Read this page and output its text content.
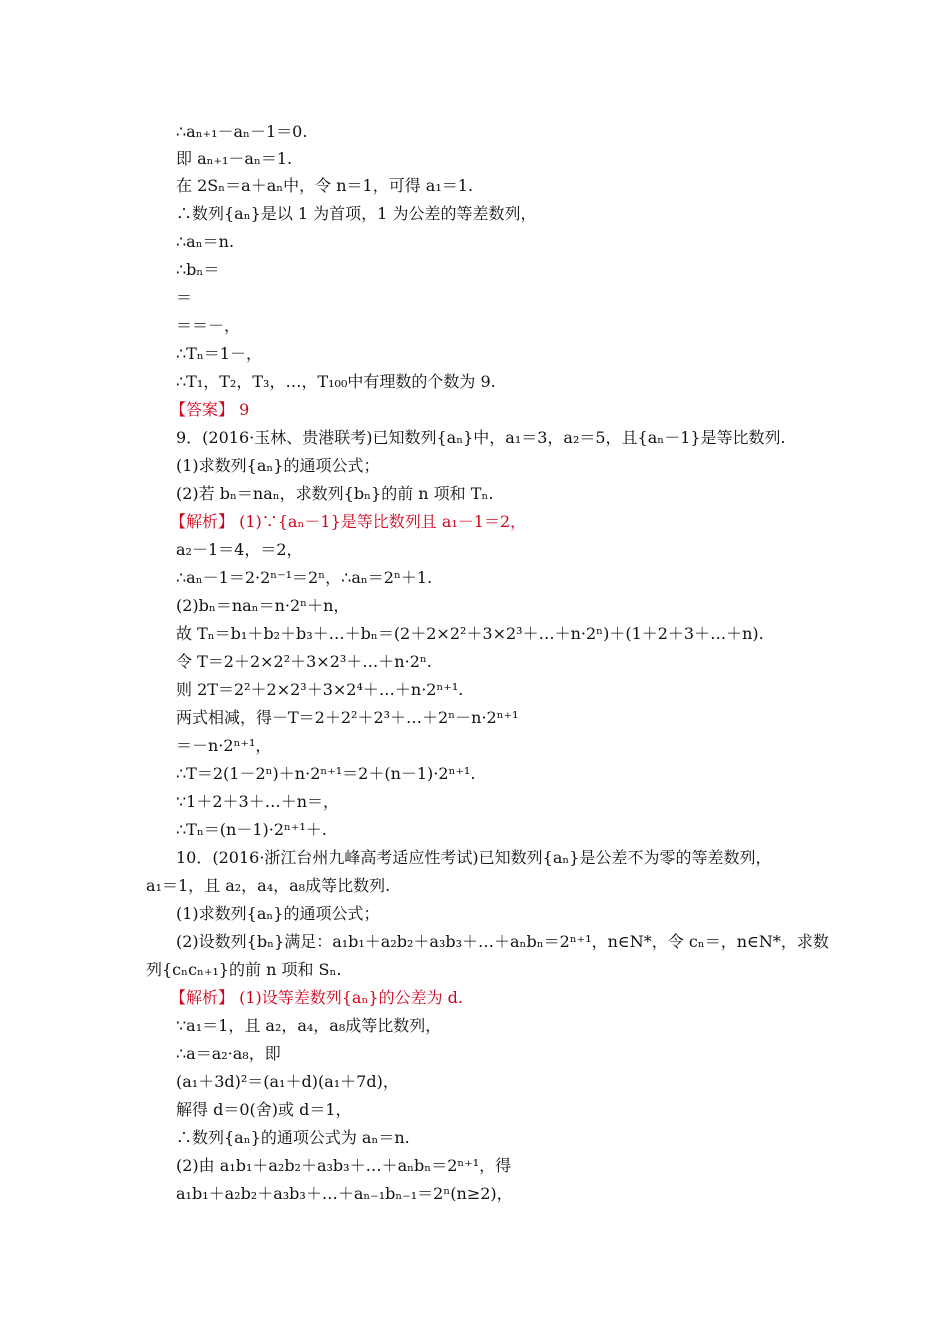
∴aₙ₊₁－aₙ－1＝0.
即 aₙ₊₁－aₙ＝1.
在 2Sₙ＝a＋aₙ中，令 n＝1，可得 a₁＝1.
∴数列{aₙ}是以 1 为首项，1 为公差的等差数列，
∴aₙ＝n.
∴bₙ＝
＝
＝＝－，
∴Tₙ＝1－，
∴T₁，T₂，T₃，…，T₁₀₀中有理数的个数为 9.
【答案】 9
9．(2016·玉林、贵港联考)已知数列{aₙ}中，a₁＝3，a₂＝5，且{aₙ－1}是等比数列.
(1)求数列{aₙ}的通项公式；
(2)若 bₙ＝naₙ，求数列{bₙ}的前 n 项和 Tₙ.
【解析】 (1)∵{aₙ－1}是等比数列且 a₁－1＝2，
a₂－1＝4，＝2，
∴aₙ－1＝2·2ⁿ⁻¹＝2ⁿ，∴aₙ＝2ⁿ＋1.
(2)bₙ＝naₙ＝n·2ⁿ＋n，
故 Tₙ＝b₁＋b₂＋b₃＋…＋bₙ＝(2＋2×2²＋3×2³＋…＋n·2ⁿ)＋(1＋2＋3＋…＋n).
令 T＝2＋2×2²＋3×2³＋…＋n·2ⁿ.
则 2T＝2²＋2×2³＋3×2⁴＋…＋n·2ⁿ⁺¹.
两式相减，得－T＝2＋2²＋2³＋…＋2ⁿ－n·2ⁿ⁺¹
＝－n·2ⁿ⁺¹，
∴T＝2(1－2ⁿ)＋n·2ⁿ⁺¹＝2＋(n－1)·2ⁿ⁺¹.
∵1＋2＋3＋…＋n＝，
∴Tₙ＝(n－1)·2ⁿ⁺¹＋.
10．(2016·浙江台州九峰高考适应性考试)已知数列{aₙ}是公差不为零的等差数列，
a₁＝1，且 a₂，a₄，a₈成等比数列.
(1)求数列{aₙ}的通项公式；
(2)设数列{bₙ}满足：a₁b₁＋a₂b₂＋a₃b₃＋…＋aₙbₙ＝2ⁿ⁺¹，n∈N*，令 cₙ＝，n∈N*，求数
列{cₙcₙ₊₁}的前 n 项和 Sₙ.
【解析】 (1)设等差数列{aₙ}的公差为 d.
∵a₁＝1，且 a₂，a₄，a₈成等比数列，
∴a＝a₂·a₈，即
(a₁＋3d)²＝(a₁＋d)(a₁＋7d)，
解得 d＝0(舍)或 d＝1，
∴数列{aₙ}的通项公式为 aₙ＝n.
(2)由 a₁b₁＋a₂b₂＋a₃b₃＋…＋aₙbₙ＝2ⁿ⁺¹，得
a₁b₁＋a₂b₂＋a₃b₃＋…＋aₙ₋₁bₙ₋₁＝2ⁿ(n≥2)，
